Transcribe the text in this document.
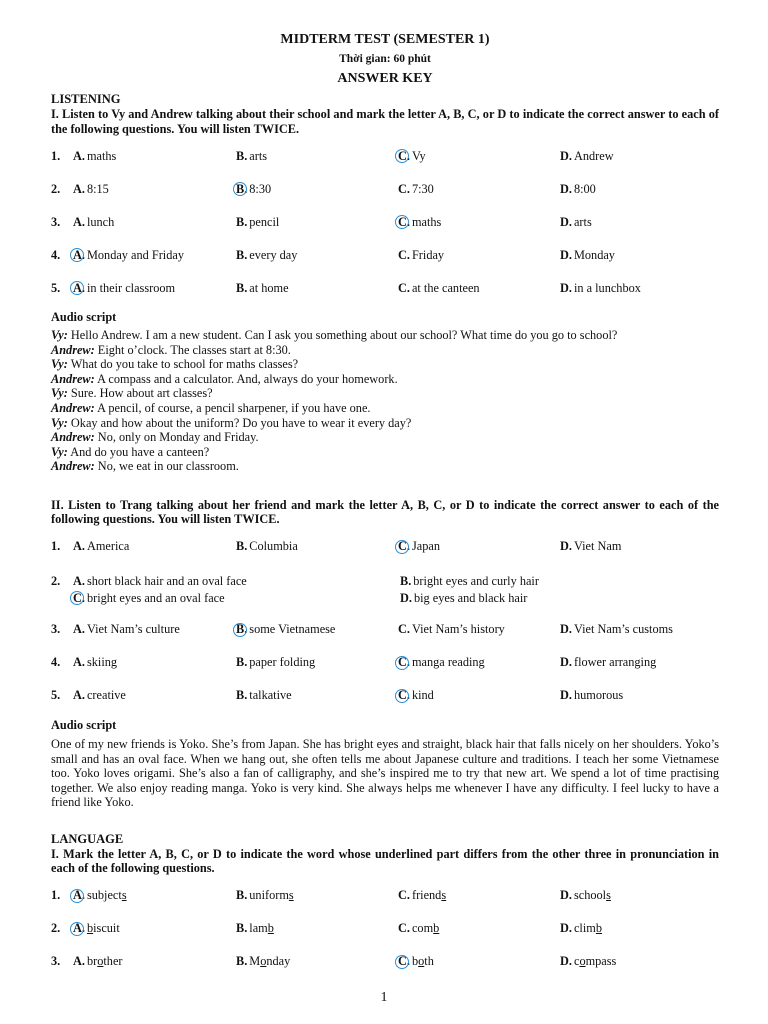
MIDTERM TEST (SEMESTER 1)
Thời gian: 60 phút
ANSWER KEY
LISTENING
I. Listen to Vy and Andrew talking about their school and mark the letter A, B, C, or D to indicate the correct answer to each of the following questions. You will listen TWICE.
1.	A. maths	B. arts	C. Vy	D. Andrew
2.	A. 8:15	B. 8:30	C. 7:30	D. 8:00
3.	A. lunch	B. pencil	C. maths	D. arts
4.	A. Monday and Friday	B. every day	C. Friday	D. Monday
5.	A. in their classroom	B. at home	C. at the canteen	D. in a lunchbox
Audio script
Vy: Hello Andrew. I am a new student. Can I ask you something about our school? What time do you go to school?
Andrew: Eight o’clock. The classes start at 8:30.
Vy: What do you take to school for maths classes?
Andrew: A compass and a calculator. And, always do your homework.
Vy: Sure. How about art classes?
Andrew: A pencil, of course, a pencil sharpener, if you have one.
Vy: Okay and how about the uniform? Do you have to wear it every day?
Andrew: No, only on Monday and Friday.
Vy: And do you have a canteen?
Andrew: No, we eat in our classroom.
II. Listen to Trang talking about her friend and mark the letter A, B, C, or D to indicate the correct answer to each of the following questions. You will listen TWICE.
1.	A. America	B. Columbia	C. Japan	D. Viet Nam
2.	A. short black hair and an oval face	B. bright eyes and curly hair
C. bright eyes and an oval face	D. big eyes and black hair
3.	A. Viet Nam’s culture	B. some Vietnamese	C. Viet Nam’s history	D. Viet Nam’s customs
4.	A. skiing	B. paper folding	C. manga reading	D. flower arranging
5.	A. creative	B. talkative	C. kind	D. humorous
Audio script
One of my new friends is Yoko. She’s from Japan. She has bright eyes and straight, black hair that falls nicely on her shoulders. Yoko’s small and has an oval face. When we hang out, she often tells me about Japanese culture and traditions. I teach her some Vietnamese too. Yoko loves origami. She’s also a fan of calligraphy, and she’s inspired me to try that new art. We spend a lot of time practising together. We also enjoy reading manga. Yoko is very kind. She always helps me whenever I have any difficulty. I feel lucky to have a friend like Yoko.
LANGUAGE
I. Mark the letter A, B, C, or D to indicate the word whose underlined part differs from the other three in pronunciation in each of the following questions.
1.	A. subjects	B. uniforms	C. friends	D. schools
2.	A. biscuit	B. lamb	C. comb	D. climb
3.	A. brother	B. Monday	C. both	D. compass
1
